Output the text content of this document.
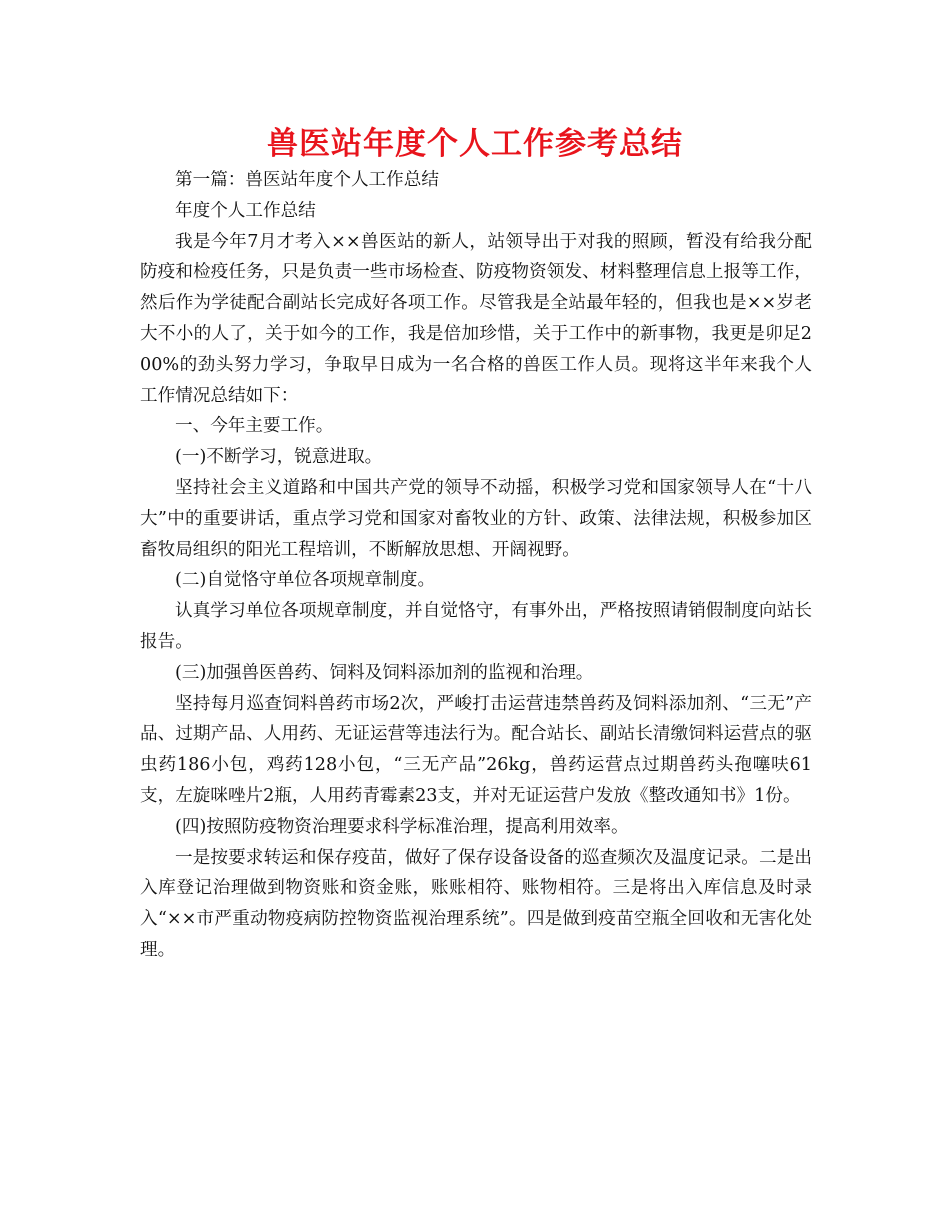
兽医站年度个人工作参考总结

第一篇：兽医站年度个人工作总结

年度个人工作总结

我是今年7月才考入××兽医站的新人，站领导出于对我的照顾，暂没有给我分配防疫和检疫任务，只是负责一些市场检查、防疫物资领发、材料整理信息上报等工作，然后作为学徒配合副站长完成好各项工作。尽管我是全站最年轻的，但我也是××岁老大不小的人了，关于如今的工作，我是倍加珍惜，关于工作中的新事物，我更是卯足200%的劲头努力学习，争取早日成为一名合格的兽医工作人员。现将这半年来我个人工作情况总结如下：

一、今年主要工作。

(一)不断学习，锐意进取。

坚持社会主义道路和中国共产党的领导不动摇，积极学习党和国家领导人在“十八大”中的重要讲话，重点学习党和国家对畜牧业的方针、政策、法律法规，积极参加区畜牧局组织的阳光工程培训，不断解放思想、开阔视野。

(二)自觉恪守单位各项规章制度。

认真学习单位各项规章制度，并自觉恪守，有事外出，严格按照请销假制度向站长报告。

(三)加强兽医兽药、饲料及饲料添加剂的监视和治理。

坚持每月巡查饲料兽药市场2次，严峻打击运营违禁兽药及饲料添加剂、“三无”产品、过期产品、人用药、无证运营等违法行为。配合站长、副站长清缴饲料运营点的驱虫药186小包，鸡药128小包，“三无产品”26kg，兽药运营点过期兽药头孢噻呋61支，左旋咪唑片2瓶，人用药青霉素23支，并对无证运营户发放《整改通知书》1份。

(四)按照防疫物资治理要求科学标准治理，提高利用效率。

一是按要求转运和保存疫苗，做好了保存设备设备的巡查频次及温度记录。二是出入库登记治理做到物资账和资金账，账账相符、账物相符。三是将出入库信息及时录入“××市严重动物疫病防控物资监视治理系统”。四是做到疫苗空瓶全回收和无害化处理。
